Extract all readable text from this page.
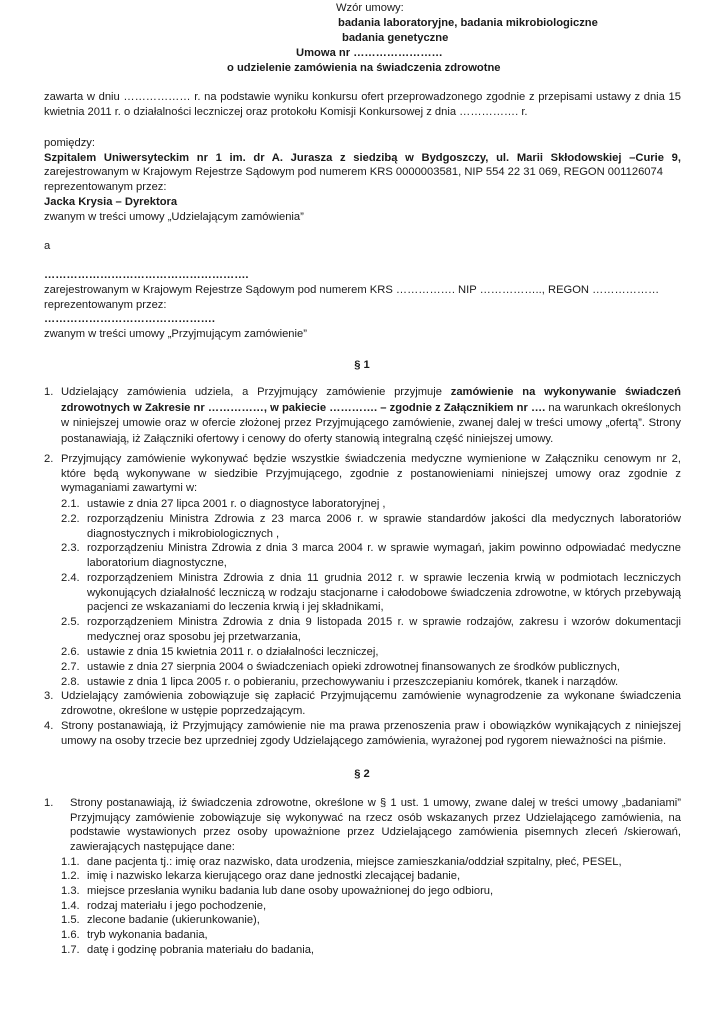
Wzór umowy:
badania laboratoryjne, badania mikrobiologiczne
badania genetyczne
Umowa nr ……………………
o udzielenie zamówienia na świadczenia zdrowotne
zawarta w dniu ……………… r. na podstawie wyniku konkursu ofert przeprowadzonego zgodnie z przepisami ustawy z dnia 15 kwietnia 2011 r. o działalności leczniczej oraz protokołu Komisji Konkursowej z dnia ……………. r.
pomiędzy:
Szpitalem Uniwersyteckim nr 1 im. dr A. Jurasza z siedzibą w Bydgoszczy, ul. Marii Skłodowskiej –Curie 9,
zarejestrowanym w Krajowym Rejestrze Sądowym pod numerem KRS 0000003581, NIP 554 22 31 069, REGON 001126074
reprezentowanym przez:
Jacka Krysia – Dyrektora
zwanym w treści umowy „Udzielającym zamówienia”
a
……………………………………………….
zarejestrowanym w Krajowym Rejestrze Sądowym pod numerem KRS ……………. NIP …………….., REGON ………………
reprezentowanym przez:
……………………………………….
zwanym w treści umowy „Przyjmującym zamówienie”
§ 1
1. Udzielający zamówienia udziela, a Przyjmujący zamówienie przyjmuje zamówienie na wykonywanie świadczeń zdrowotnych w Zakresie nr ……………, w pakiecie …………. – zgodnie z Załącznikiem nr …. na warunkach określonych w niniejszej umowie oraz w ofercie złożonej przez Przyjmującego zamówienie, zwanej dalej w treści umowy „ofertą”. Strony postanawiają, iż Załączniki ofertowy i cenowy do oferty stanowią integralną część niniejszej umowy.
2. Przyjmujący zamówienie wykonywać będzie wszystkie świadczenia medyczne wymienione w Załączniku cenowym nr 2, które będą wykonywane w siedzibie Przyjmującego, zgodnie z postanowieniami niniejszej umowy oraz zgodnie z wymaganiami zawartymi w:
2.1. ustawie z dnia 27 lipca 2001 r. o diagnostyce laboratoryjnej ,
2.2. rozporządzeniu Ministra Zdrowia z 23 marca 2006 r. w sprawie standardów jakości dla medycznych laboratoriów diagnostycznych i mikrobiologicznych ,
2.3. rozporządzeniu Ministra Zdrowia z dnia 3 marca 2004 r. w sprawie wymagań, jakim powinno odpowiadać medyczne laboratorium diagnostyczne,
2.4. rozporządzeniem Ministra Zdrowia z dnia 11 grudnia 2012 r. w sprawie leczenia krwią w podmiotach leczniczych wykonujących działalność leczniczą w rodzaju stacjonarne i całodobowe świadczenia zdrowotne, w których przebywają pacjenci ze wskazaniami do leczenia krwią i jej składnikami,
2.5. rozporządzeniem Ministra Zdrowia z dnia 9 listopada 2015 r. w sprawie rodzajów, zakresu i wzorów dokumentacji medycznej oraz sposobu jej przetwarzania,
2.6. ustawie z dnia 15 kwietnia 2011 r. o działalności leczniczej,
2.7. ustawie z dnia 27 sierpnia 2004 o świadczeniach opieki zdrowotnej finansowanych ze środków publicznych,
2.8. ustawie z dnia 1 lipca 2005 r. o pobieraniu, przechowywaniu i przeszczepianiu komórek, tkanek i narządów.
3. Udzielający zamówienia zobowiązuje się zapłacić Przyjmującemu zamówienie wynagrodzenie za wykonane świadczenia zdrowotne, określone w ustępie poprzedzającym.
4. Strony postanawiają, iż Przyjmujący zamówienie nie ma prawa przenoszenia praw i obowiązków wynikających z niniejszej umowy na osoby trzecie bez uprzedniej zgody Udzielającego zamówienia, wyrażonej pod rygorem nieważności na piśmie.
§ 2
1. Strony postanawiają, iż świadczenia zdrowotne, określone w § 1 ust. 1 umowy, zwane dalej w treści umowy „badaniami” Przyjmujący zamówienie zobowiązuje się wykonywać na rzecz osób wskazanych przez Udzielającego zamówienia, na podstawie wystawionych przez osoby upoważnione przez Udzielającego zamówienia pisemnych zleceń /skierowań, zawierających następujące dane:
1.1. dane pacjenta tj.: imię oraz nazwisko, data urodzenia, miejsce zamieszkania/oddział szpitalny, płeć, PESEL,
1.2. imię i nazwisko lekarza kierującego oraz dane jednostki zlecającej badanie,
1.3. miejsce przesłania wyniku badania lub dane osoby upoważnionej do jego odbioru,
1.4. rodzaj materiału i jego pochodzenie,
1.5. zlecone badanie (ukierunkowanie),
1.6. tryb wykonania badania,
1.7. datę i godzinę pobrania materiału do badania,
